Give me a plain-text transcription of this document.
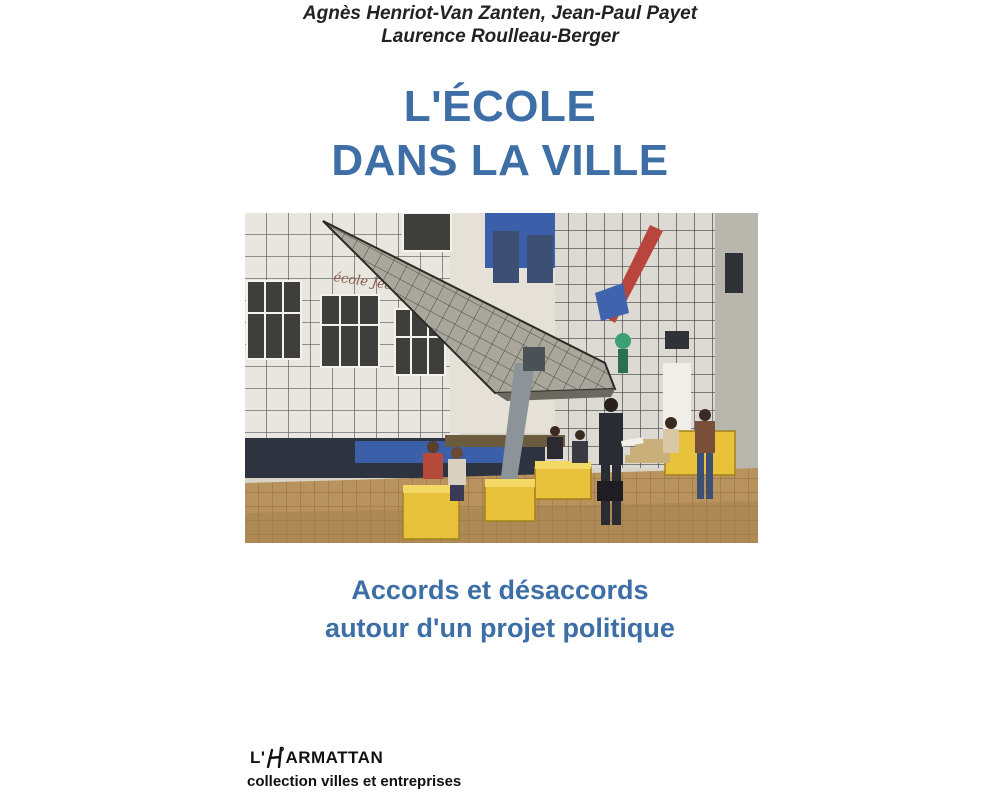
Agnès Henriot-Van Zanten, Jean-Paul Payet
Laurence Roulleau-Berger
L'ÉCOLE
DANS LA VILLE
Accords et désaccords
autour d'un projet politique
L' ARMATTAN
collection villes et entreprises
